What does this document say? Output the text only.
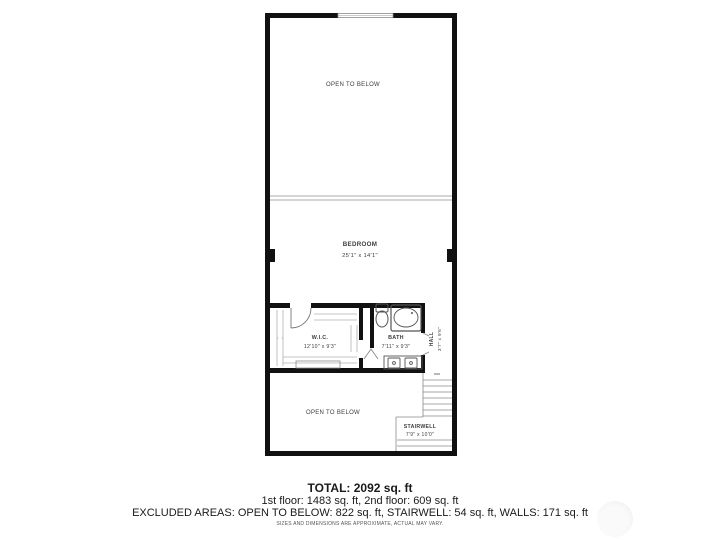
OPEN TO BELOW
BEDROOM
25'1" x 14'1"
W.I.C.
12'10" x 9'3"
BATH
7'11" x 9'3"
HALL 3'7" x 9'6"
OPEN TO BELOW
STAIRWELL
7'9" x 10'0"
TOTAL: 2092 sq. ft
1st floor: 1483 sq. ft, 2nd floor: 609 sq. ft
EXCLUDED AREAS: OPEN TO BELOW: 822 sq. ft, STAIRWELL: 54 sq. ft, WALLS: 171 sq. ft
SIZES AND DIMENSIONS ARE APPROXIMATE, ACTUAL MAY VARY.
